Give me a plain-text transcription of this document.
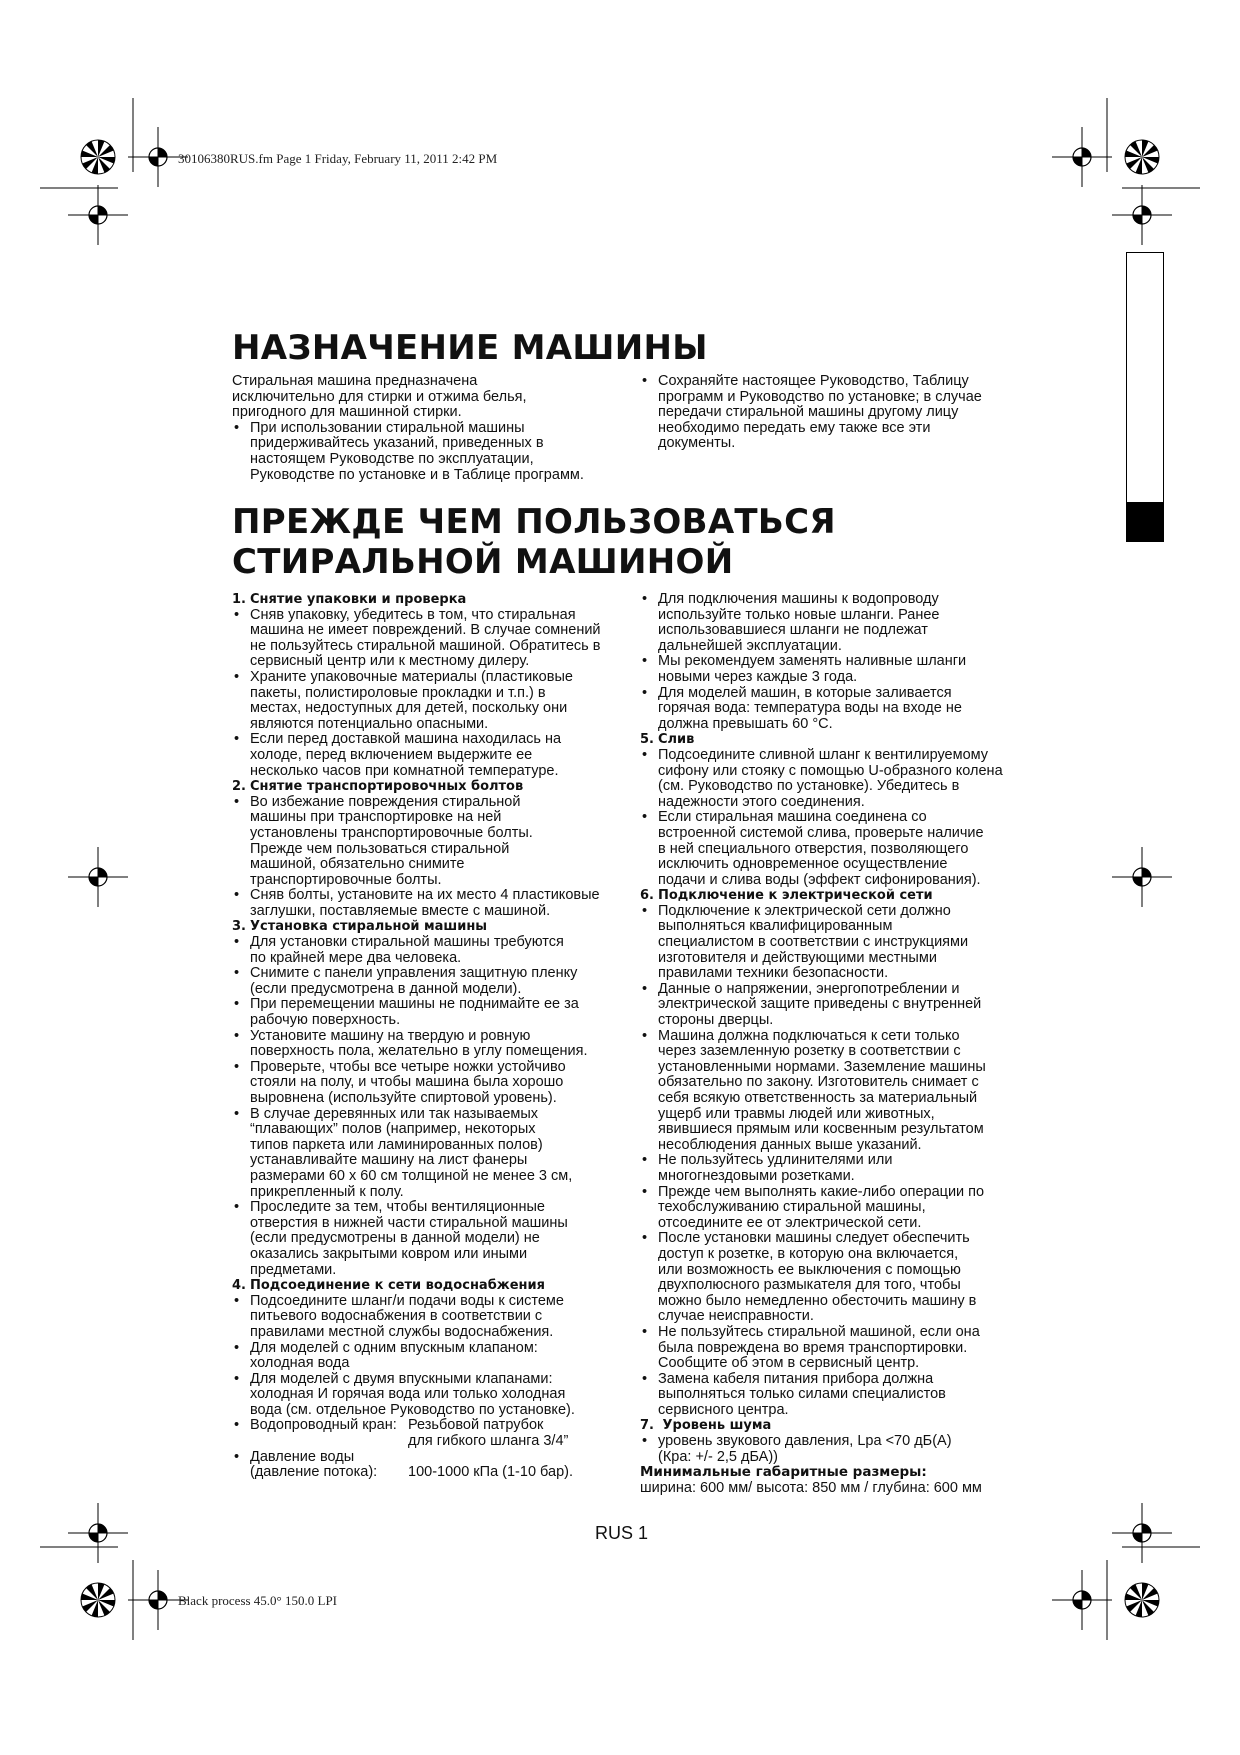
30106380RUS.fm Page 1 Friday, February 11, 2011 2:42 PM
Black process 45.0° 150.0 LPI
НАЗНАЧЕНИЕ МАШИНЫ

Стиральная машина предназначена
исключительно для стирки и отжима белья,
пригодного для машинной стирки.

• При использовании стиральной машины
придерживайтесь указаний, приведенных в
настоящем Руководстве по эксплуатации,
Руководстве по установке и в Таблице программ.
• Сохраняйте настоящее Руководство, Таблицу
программ и Руководство по установке; в случае
передачи стиральной машины другому лицу
необходимо передать ему также все эти
документы.
ПРЕЖДЕ ЧЕМ ПОЛЬЗОВАТЬСЯ
СТИРАЛЬНОЙ МАШИНОЙ
1. Снятие упаковки и проверка
• Сняв упаковку, убедитесь в том, что стиральная
машина не имеет повреждений. В случае сомнений
не пользуйтесь стиральной машиной. Обратитесь в
сервисный центр или к местному дилеру.
• Храните упаковочные материалы (пластиковые
пакеты, полистироловые прокладки и т.п.) в
местах, недоступных для детей, поскольку они
являются потенциально опасными.
• Если перед доставкой машина находилась на
холоде, перед включением выдержите ее
несколько часов при комнатной температуре.
2. Снятие транспортировочных болтов
• Во избежание повреждения стиральной
машины при транспортировке на ней
установлены транспортировочные болты.
Прежде чем пользоваться стиральной
машиной, обязательно снимите
транспортировочные болты.
• Сняв болты, установите на их место 4 пластиковые
заглушки, поставляемые вместе с машиной.
3. Установка стиральной машины
• Для установки стиральной машины требуются
по крайней мере два человека.
• Снимите с панели управления защитную пленку
(если предусмотрена в данной модели).
• При перемещении машины не поднимайте ее за
рабочую поверхность.
• Установите машину на твердую и ровную
поверхность пола, желательно в углу помещения.
• Проверьте, чтобы все четыре ножки устойчиво
стояли на полу, и чтобы машина была хорошо
выровнена (используйте спиртовой уровень).
• В случае деревянных или так называемых
“плавающих” полов (например, некоторых
типов паркета или ламинированных полов)
устанавливайте машину на лист фанеры
размерами 60 x 60 см толщиной не менее 3 см,
прикрепленный к полу.
• Проследите за тем, чтобы вентиляционные
отверстия в нижней части стиральной машины
(если предусмотрены в данной модели) не
оказались закрытыми ковром или иными
предметами.
4. Подсоединение к сети водоснабжения
• Подсоедините шланг/и подачи воды к системе
питьевого водоснабжения в соответствии с
правилами местной службы водоснабжения.
• Для моделей с одним впускным клапаном:
холодная вода
• Для моделей с двумя впускными клапанами:
холодная И горячая вода или только холодная
вода (см. отдельное Руководство по установке).
• Водопроводный кран: Резьбовой патрубок
для гибкого шланга 3/4”
• Давление воды
(давление потока):	100-1000 кПа (1-10 бар).
• Для подключения машины к водопроводу
используйте только новые шланги. Ранее
использовавшиеся шланги не подлежат
дальнейшей эксплуатации.
• Мы рекомендуем заменять наливные шланги
новыми через каждые 3 года.
• Для моделей машин, в которые заливается
горячая вода: температура воды на входе не
должна превышать 60 °С.
5. Слив
• Подсоедините сливной шланг к вентилируемому
сифону или стояку с помощью U-образного колена
(см. Руководство по установке). Убедитесь в
надежности этого соединения.
• Если стиральная машина соединена со
встроенной системой слива, проверьте наличие
в ней специального отверстия, позволяющего
исключить одновременное осуществление
подачи и слива воды (эффект сифонирования).
6. Подключение к электрической сети
• Подключение к электрической сети должно
выполняться квалифицированным
специалистом в соответствии с инструкциями
изготовителя и действующими местными
правилами техники безопасности.
• Данные о напряжении, энергопотреблении и
электрической защите приведены с внутренней
стороны дверцы.
• Машина должна подключаться к сети только
через заземленную розетку в соответствии с
установленными нормами. Заземление машины
обязательно по закону. Изготовитель снимает с
себя всякую ответственность за материальный
ущерб или травмы людей или животных,
явившиеся прямым или косвенным результатом
несоблюдения данных выше указаний.
• Не пользуйтесь удлинителями или
многогнездовыми розетками.
• Прежде чем выполнять какие-либо операции по
техобслуживанию стиральной машины,
отсоедините ее от электрической сети.
• После установки машины следует обеспечить
доступ к розетке, в которую она включается,
или возможность ее выключения с помощью
двухполюсного размыкателя для того, чтобы
можно было немедленно обесточить машину в
случае неисправности.
• Не пользуйтесь стиральной машиной, если она
была повреждена во время транспортировки.
Сообщите об этом в сервисный центр.
• Замена кабеля питания прибора должна
выполняться только силами специалистов
сервисного центра.
7. Уровень шума
• уровень звукового давления, Lpa <70 дБ(А)
(Кра: +/- 2,5 дБА))
Минимальные габаритные размеры:

ширина: 600 мм/ высота: 850 мм / глубина: 600 мм

RUS 1
